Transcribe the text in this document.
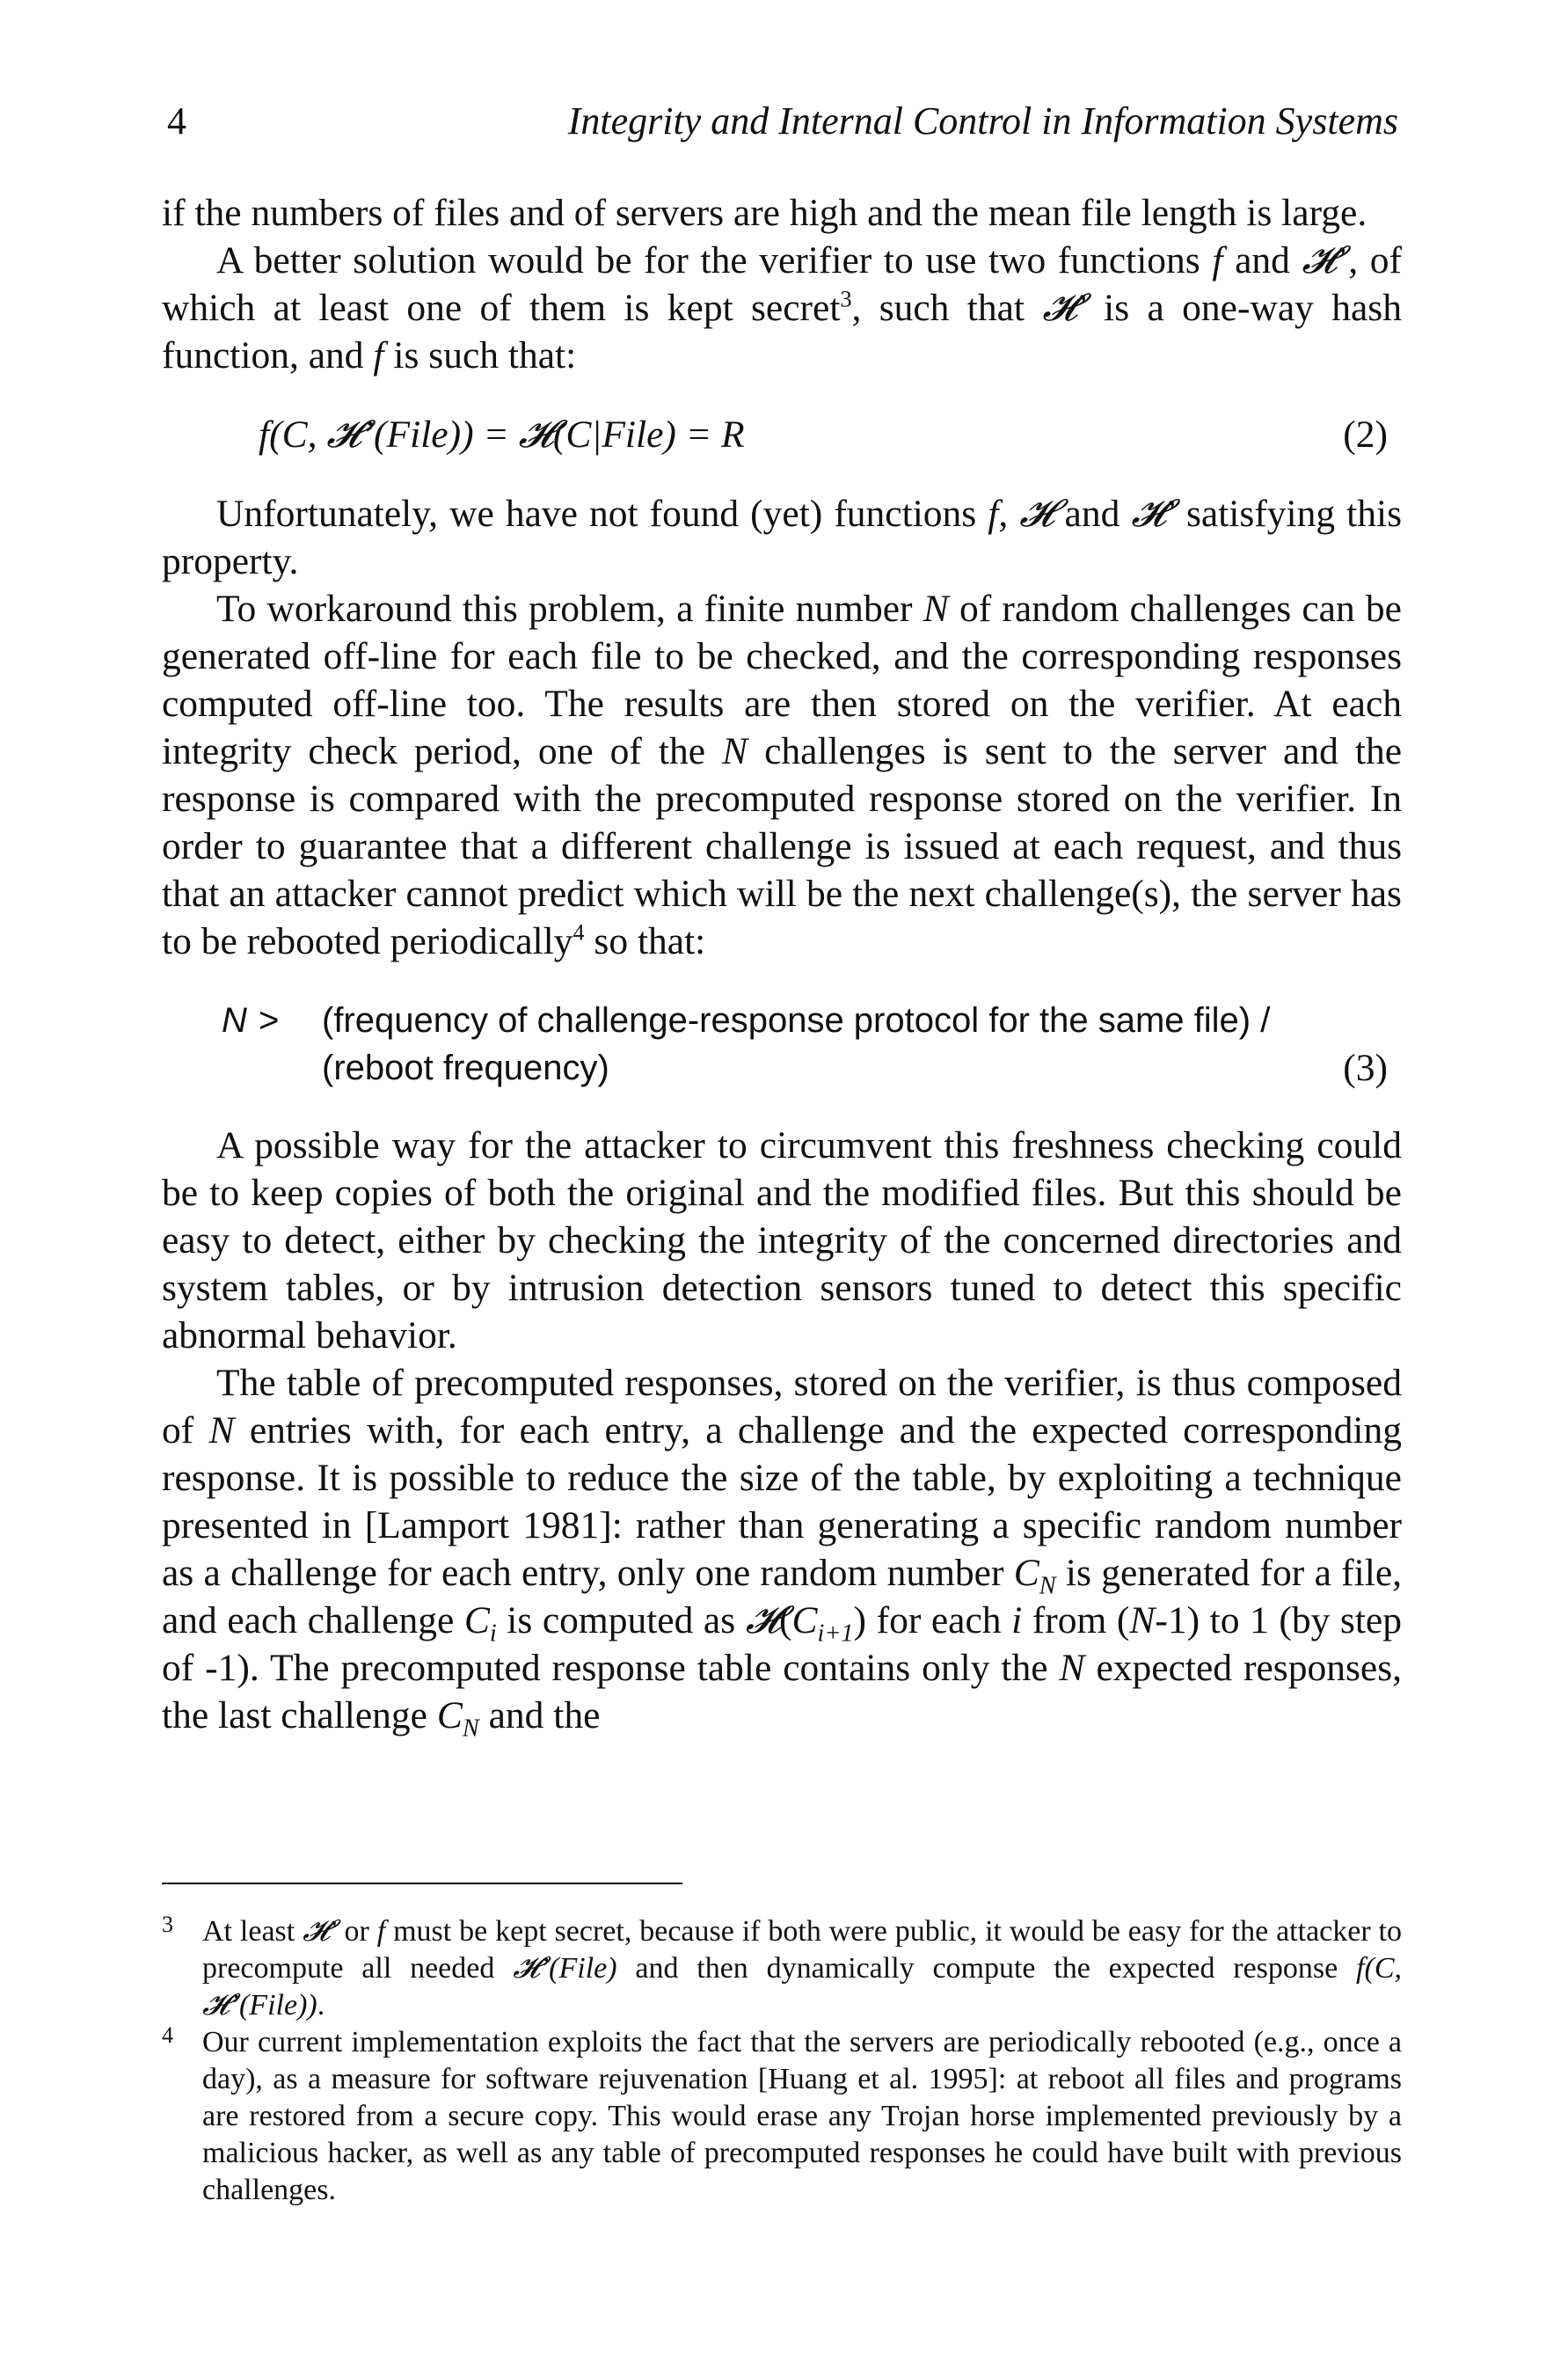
4	Integrity and Internal Control in Information Systems

if the numbers of files and of servers are high and the mean file length is large.

A better solution would be for the verifier to use two functions f and 𝓗’, of which at least one of them is kept secret$^3$, such that 𝓗’ is a one-way hash function, and f is such that:

f(C, 𝓗’(File)) = 𝓗(C|File) = R	(2)

Unfortunately, we have not found (yet) functions f, 𝓗 and 𝓗’ satisfying this property.

To workaround this problem, a finite number N of random challenges can be generated off-line for each file to be checked, and the corresponding responses computed off-line too. The results are then stored on the verifier. At each integrity check period, one of the N challenges is sent to the server and the response is compared with the precomputed response stored on the verifier. In order to guarantee that a different challenge is issued at each request, and thus that an attacker cannot predict which will be the next challenge(s), the server has to be rebooted periodically$^4$ so that:

N > (frequency of challenge-response protocol for the same file) /
(reboot frequency)	(3)

A possible way for the attacker to circumvent this freshness checking could be to keep copies of both the original and the modified files. But this should be easy to detect, either by checking the integrity of the concerned directories and system tables, or by intrusion detection sensors tuned to detect this specific abnormal behavior.

The table of precomputed responses, stored on the verifier, is thus composed of N entries with, for each entry, a challenge and the expected corresponding response. It is possible to reduce the size of the table, by exploiting a technique presented in [Lamport 1981]: rather than generating a specific random number as a challenge for each entry, only one random number $C_N$ is generated for a file, and each challenge $C_i$ is computed as $𝓗(C_{i+1})$ for each i from (N-1) to 1 (by step of -1). The precomputed response table contains only the N expected responses, the last challenge $C_N$ and the

3 At least 𝓗’ or f must be kept secret, because if both were public, it would be easy for the attacker to precompute all needed 𝓗’(File) and then dynamically compute the expected response f(C, 𝓗’(File)).

4 Our current implementation exploits the fact that the servers are periodically rebooted (e.g., once a day), as a measure for software rejuvenation [Huang et al. 1995]: at reboot all files and programs are restored from a secure copy. This would erase any Trojan horse implemented previously by a malicious hacker, as well as any table of precomputed responses he could have built with previous challenges.
